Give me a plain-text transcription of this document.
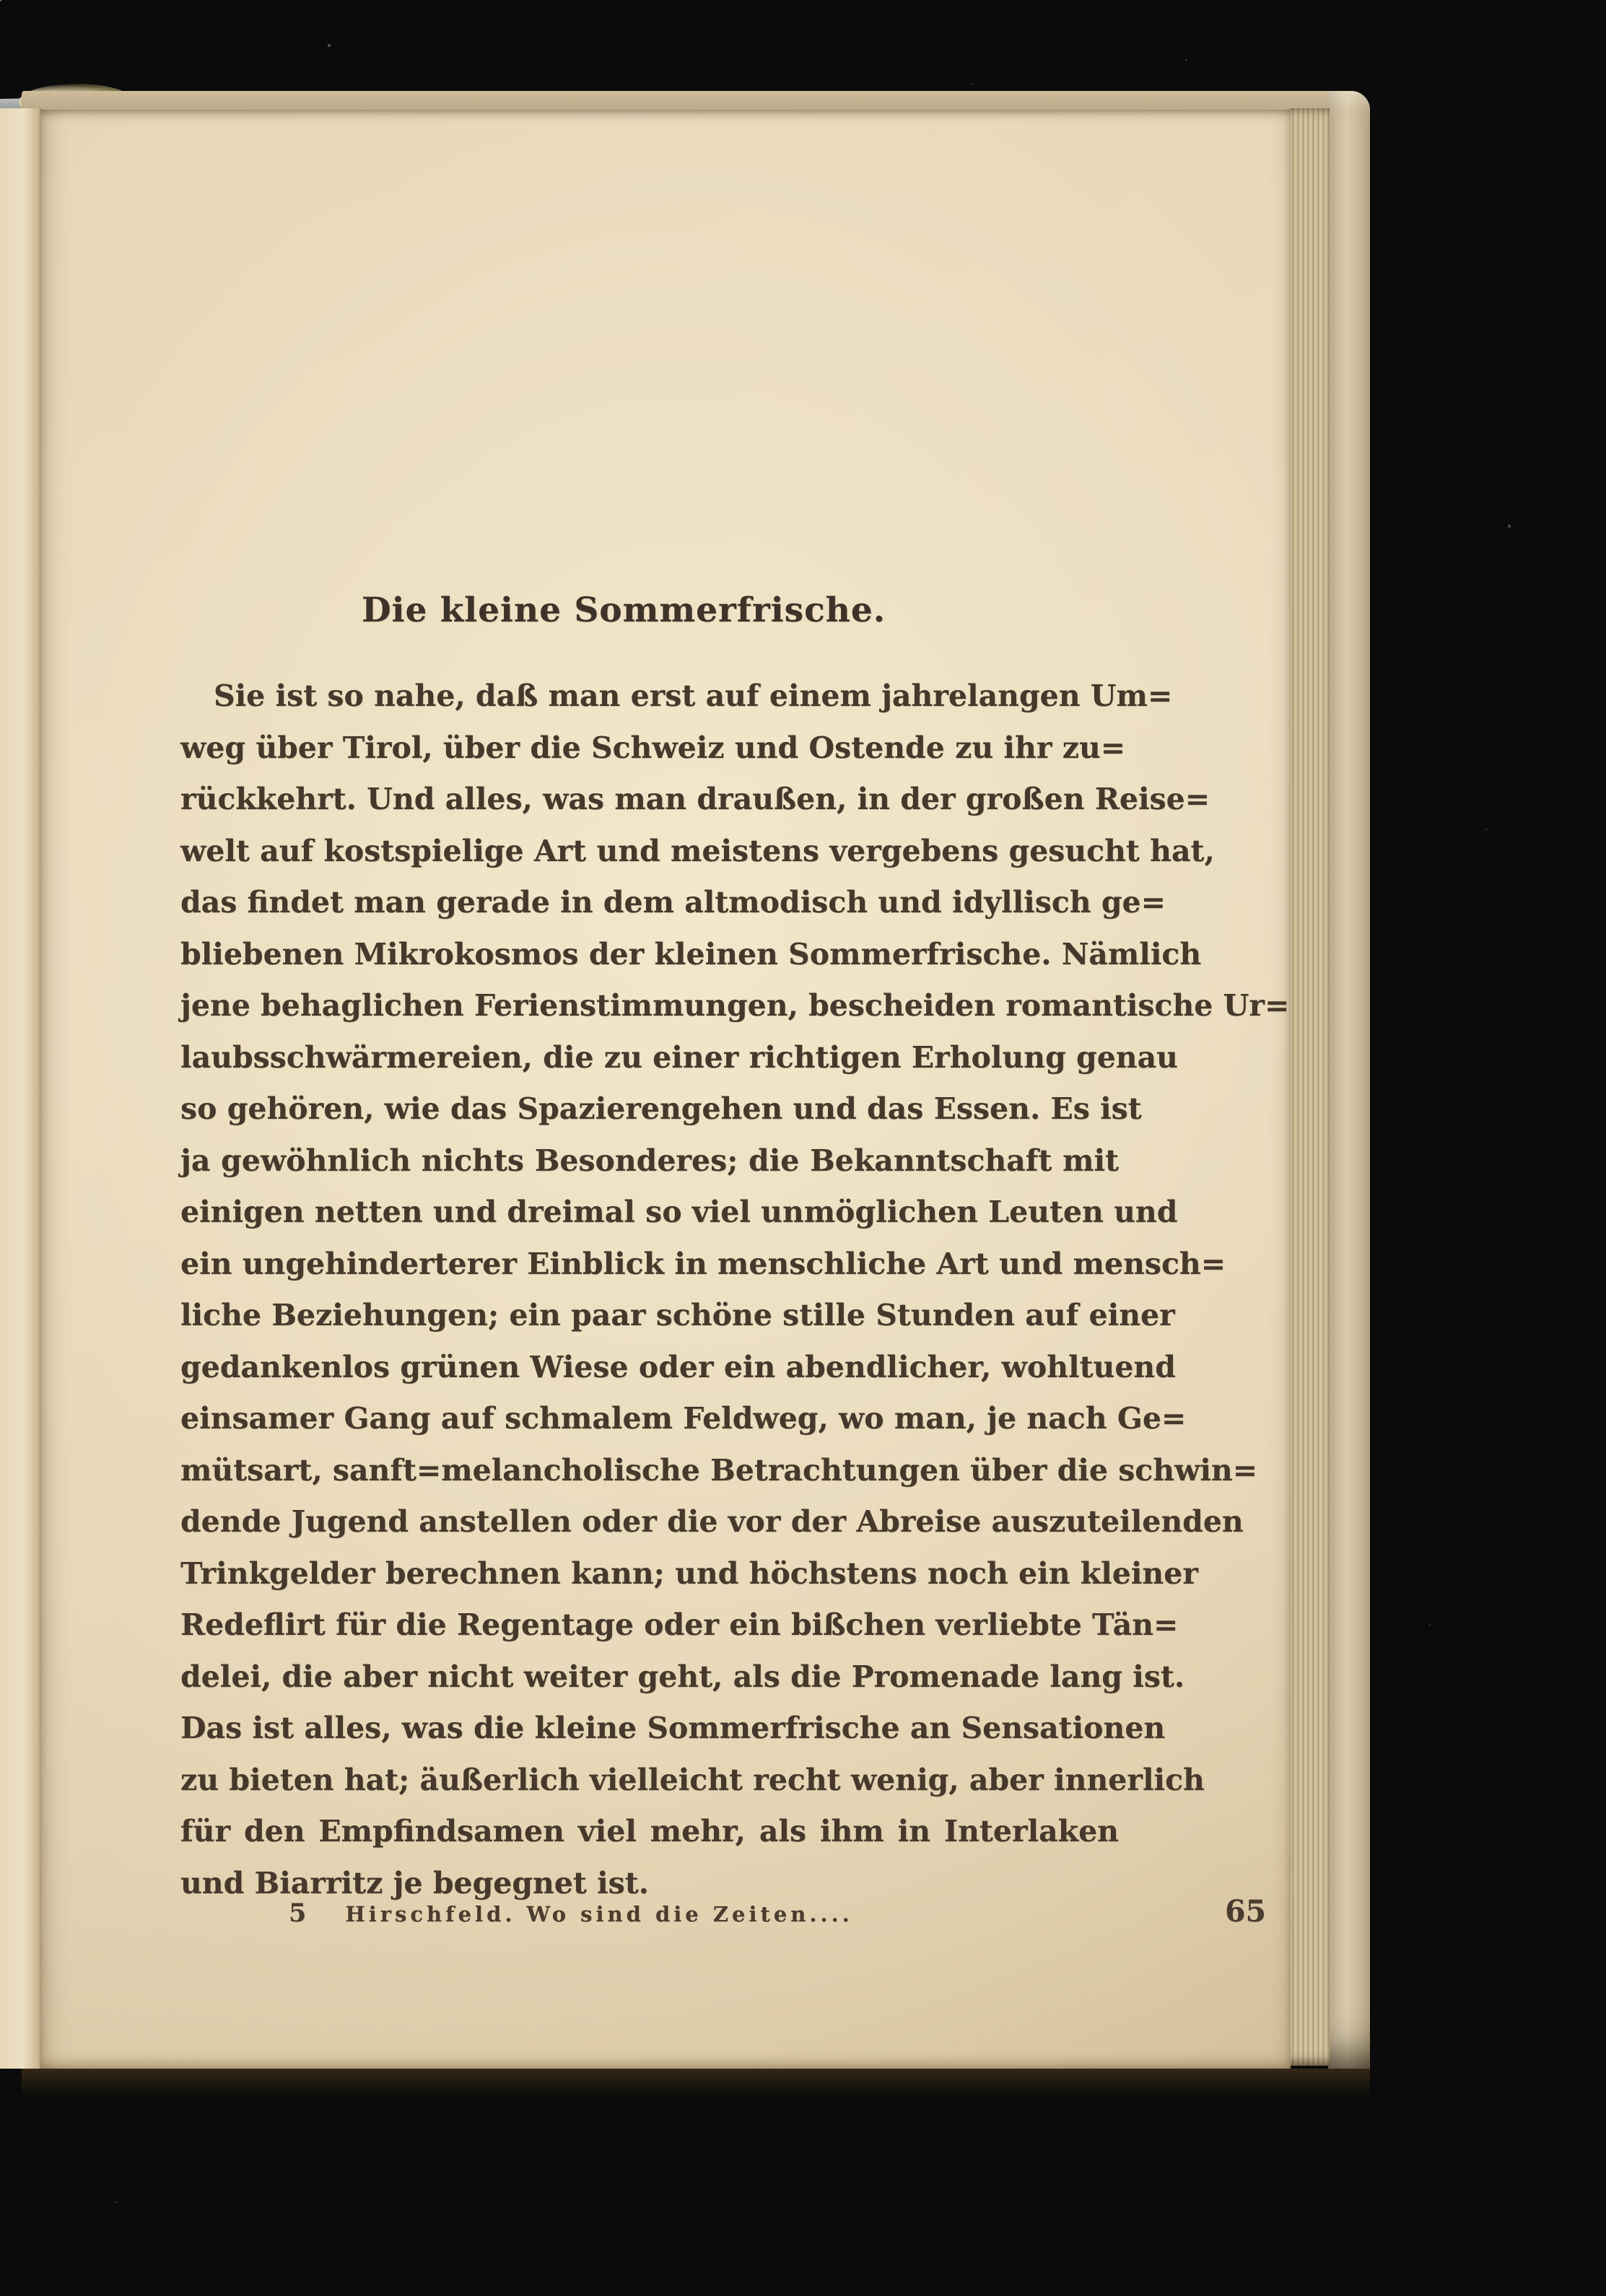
Die kleine Sommerfrische.
Sie ist so nahe, daß man erst auf einem jahrelangen Um=
weg über Tirol, über die Schweiz und Ostende zu ihr zu=
rückkehrt. Und alles, was man draußen, in der großen Reise=
welt auf kostspielige Art und meistens vergebens gesucht hat,
das findet man gerade in dem altmodisch und idyllisch ge=
bliebenen Mikrokosmos der kleinen Sommerfrische. Nämlich
jene behaglichen Ferienstimmungen, bescheiden romantische Ur=
laubsschwärmereien, die zu einer richtigen Erholung genau
so gehören, wie das Spazierengehen und das Essen. Es ist
ja gewöhnlich nichts Besonderes; die Bekanntschaft mit
einigen netten und dreimal so viel unmöglichen Leuten und
ein ungehinderterer Einblick in menschliche Art und mensch=
liche Beziehungen; ein paar schöne stille Stunden auf einer
gedankenlos grünen Wiese oder ein abendlicher, wohltuend
einsamer Gang auf schmalem Feldweg, wo man, je nach Ge=
mütsart, sanft=melancholische Betrachtungen über die schwin=
dende Jugend anstellen oder die vor der Abreise auszuteilenden
Trinkgelder berechnen kann; und höchstens noch ein kleiner
Redeflirt für die Regentage oder ein bißchen verliebte Tän=
delei, die aber nicht weiter geht, als die Promenade lang ist.
Das ist alles, was die kleine Sommerfrische an Sensationen
zu bieten hat; äußerlich vielleicht recht wenig, aber innerlich
für den Empfindsamen viel mehr, als ihm in Interlaken
und Biarritz je begegnet ist.
5 Hirschfeld. Wo sind die Zeiten....	65
